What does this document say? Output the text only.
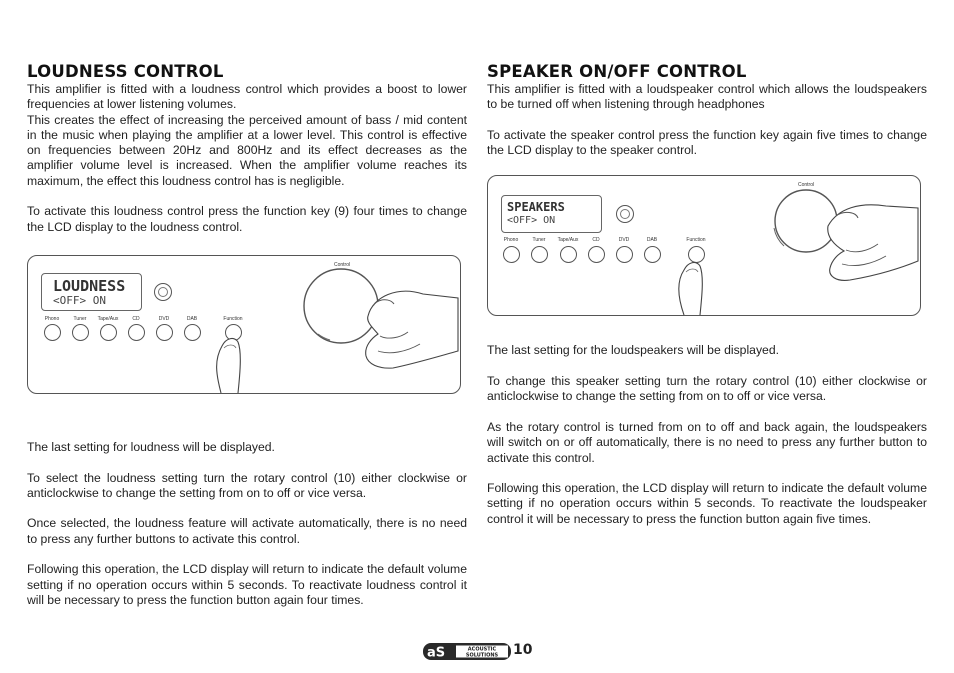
LOUDNESS CONTROL

This amplifier is fitted with a loudness control which provides a boost to lower frequencies at lower listening volumes.

This creates the effect of increasing the perceived amount of bass / mid content in the music when playing the amplifier at a lower level. This control is effective on frequencies between 20Hz and 800Hz and its effect decreases as the amplifier volume level is increased. When the amplifier volume reaches its maximum, the effect this loudness control has is negligible.

To activate this loudness control press the function key (9) four times to change the LCD display to the loudness control.

LOUDNESS
<OFF> ON
Phono	Tuner	Tape/Aux	CD	DVD	DAB	Function
Control

The last setting for loudness will be displayed.

To select the loudness setting turn the rotary control (10) either clockwise or anticlockwise to change the setting from on to off or vice versa.

Once selected, the loudness feature will activate automatically, there is no need to press any further buttons to activate this control.

Following this operation, the LCD display will return to indicate the default volume setting if no operation occurs within 5 seconds. To reactivate loudness control it will be necessary to press the function button again four times.

SPEAKER ON/OFF CONTROL

This amplifier is fitted with a loudspeaker control which allows the loudspeakers to be turned off when listening through headphones

To activate the speaker control press the function key again five times to change the LCD display to the speaker control.

SPEAKERS
<OFF> ON
Phono	Tuner	Tape/Aux	CD	DVD	DAB	Function
Control

The last setting for the loudspeakers will be displayed.

To change this speaker setting turn the rotary control (10) either clockwise or anticlockwise to change the setting from on to off or vice versa.

As the rotary control is turned from on to off and back again, the loudspeakers will switch on or off automatically, there is no need to press any further button to activate this control.

Following this operation, the LCD display will return to indicate the default volume setting if no operation occurs within 5 seconds. To reactivate the loudspeaker control it will be necessary to press the function button again five times.

aS	ACOUSTIC
SOLUTIONS 10
